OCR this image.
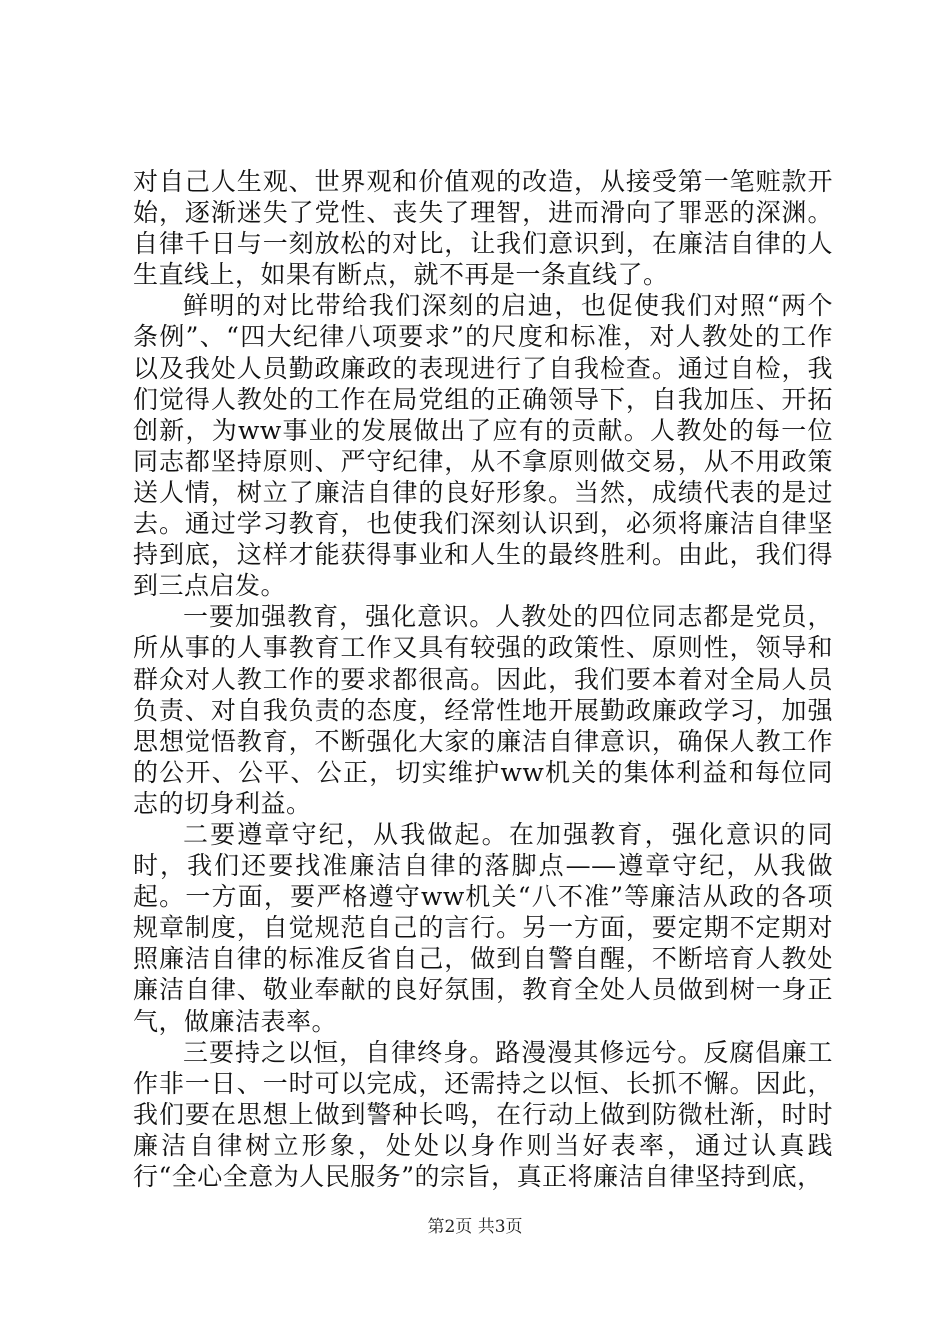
对自己人生观、世界观和价值观的改造，从接受第一笔赃款开始，逐渐迷失了党性、丧失了理智，进而滑向了罪恶的深渊。自律千日与一刻放松的对比，让我们意识到，在廉洁自律的人生直线上，如果有断点，就不再是一条直线了。

鲜明的对比带给我们深刻的启迪，也促使我们对照“两个条例”、“四大纪律八项要求”的尺度和标准，对人教处的工作以及我处人员勤政廉政的表现进行了自我检查。通过自检，我们觉得人教处的工作在局党组的正确领导下，自我加压、开拓创新，为ww事业的发展做出了应有的贡献。人教处的每一位同志都坚持原则、严守纪律，从不拿原则做交易，从不用政策送人情，树立了廉洁自律的良好形象。当然，成绩代表的是过去。通过学习教育，也使我们深刻认识到，必须将廉洁自律坚持到底，这样才能获得事业和人生的最终胜利。由此，我们得到三点启发。

一要加强教育，强化意识。人教处的四位同志都是党员，所从事的人事教育工作又具有较强的政策性、原则性，领导和群众对人教工作的要求都很高。因此，我们要本着对全局人员负责、对自我负责的态度，经常性地开展勤政廉政学习，加强思想觉悟教育，不断强化大家的廉洁自律意识，确保人教工作的公开、公平、公正，切实维护ww机关的集体利益和每位同志的切身利益。

二要遵章守纪，从我做起。在加强教育，强化意识的同时，我们还要找准廉洁自律的落脚点——遵章守纪，从我做起。一方面，要严格遵守ww机关“八不准”等廉洁从政的各项规章制度，自觉规范自己的言行。另一方面，要定期不定期对照廉洁自律的标准反省自己，做到自警自醒，不断培育人教处廉洁自律、敬业奉献的良好氛围，教育全处人员做到树一身正气，做廉洁表率。

三要持之以恒，自律终身。路漫漫其修远兮。反腐倡廉工作非一日、一时可以完成，还需持之以恒、长抓不懈。因此，我们要在思想上做到警种长鸣，在行动上做到防微杜渐，时时廉洁自律树立形象，处处以身作则当好表率，通过认真践行“全心全意为人民服务”的宗旨，真正将廉洁自律坚持到底，

第2页 共3页
